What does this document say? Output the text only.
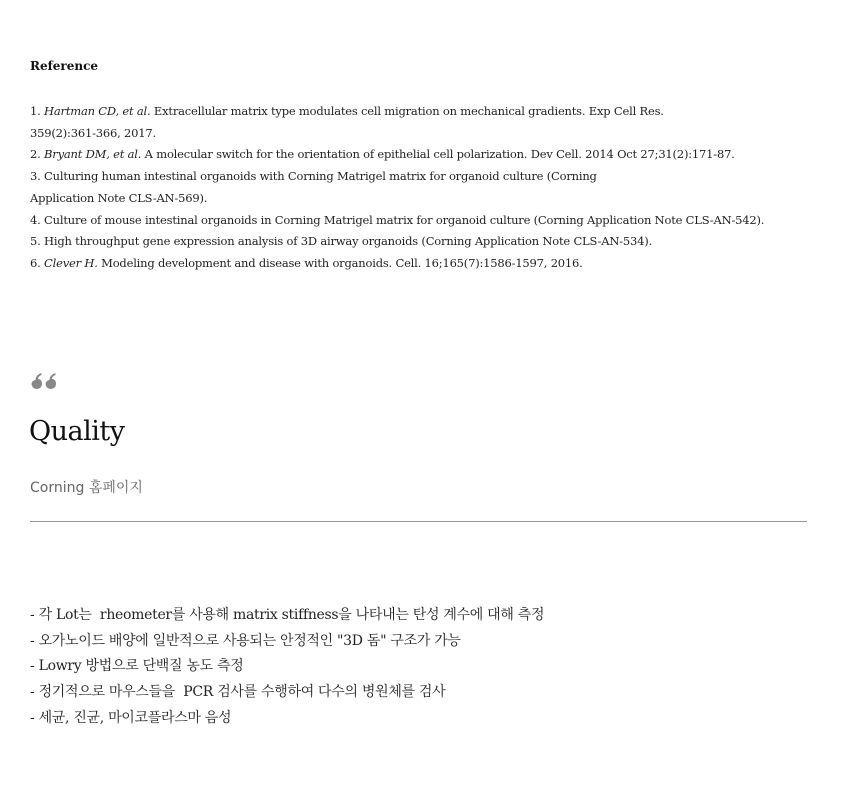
Reference
1. Hartman CD, et al. Extracellular matrix type modulates cell migration on mechanical gradients. Exp Cell Res.
359(2):361-366, 2017.
2. Bryant DM, et al. A molecular switch for the orientation of epithelial cell polarization. Dev Cell. 2014 Oct 27;31(2):171-87.
3. Culturing human intestinal organoids with Corning Matrigel matrix for organoid culture (Corning
Application Note CLS-AN-569).
4. Culture of mouse intestinal organoids in Corning Matrigel matrix for organoid culture (Corning Application Note CLS-AN-542).
5. High throughput gene expression analysis of 3D airway organoids (Corning Application Note CLS-AN-534).
6. Clever H. Modeling development and disease with organoids. Cell. 16;165(7):1586-1597, 2016.
Quality
Corning 홈페이지
- 각 Lot는  rheometer를 사용해 matrix stiffness을 나타내는 탄성 계수에 대해 측정
- 오가노이드 배양에 일반적으로 사용되는 안정적인 "3D 돔" 구조가 가능
- Lowry 방법으로 단백질 농도 측정
- 정기적으로 마우스들을  PCR 검사를 수행하여 다수의 병원체를 검사
- 세균, 진균, 마이코플라스마 음성
